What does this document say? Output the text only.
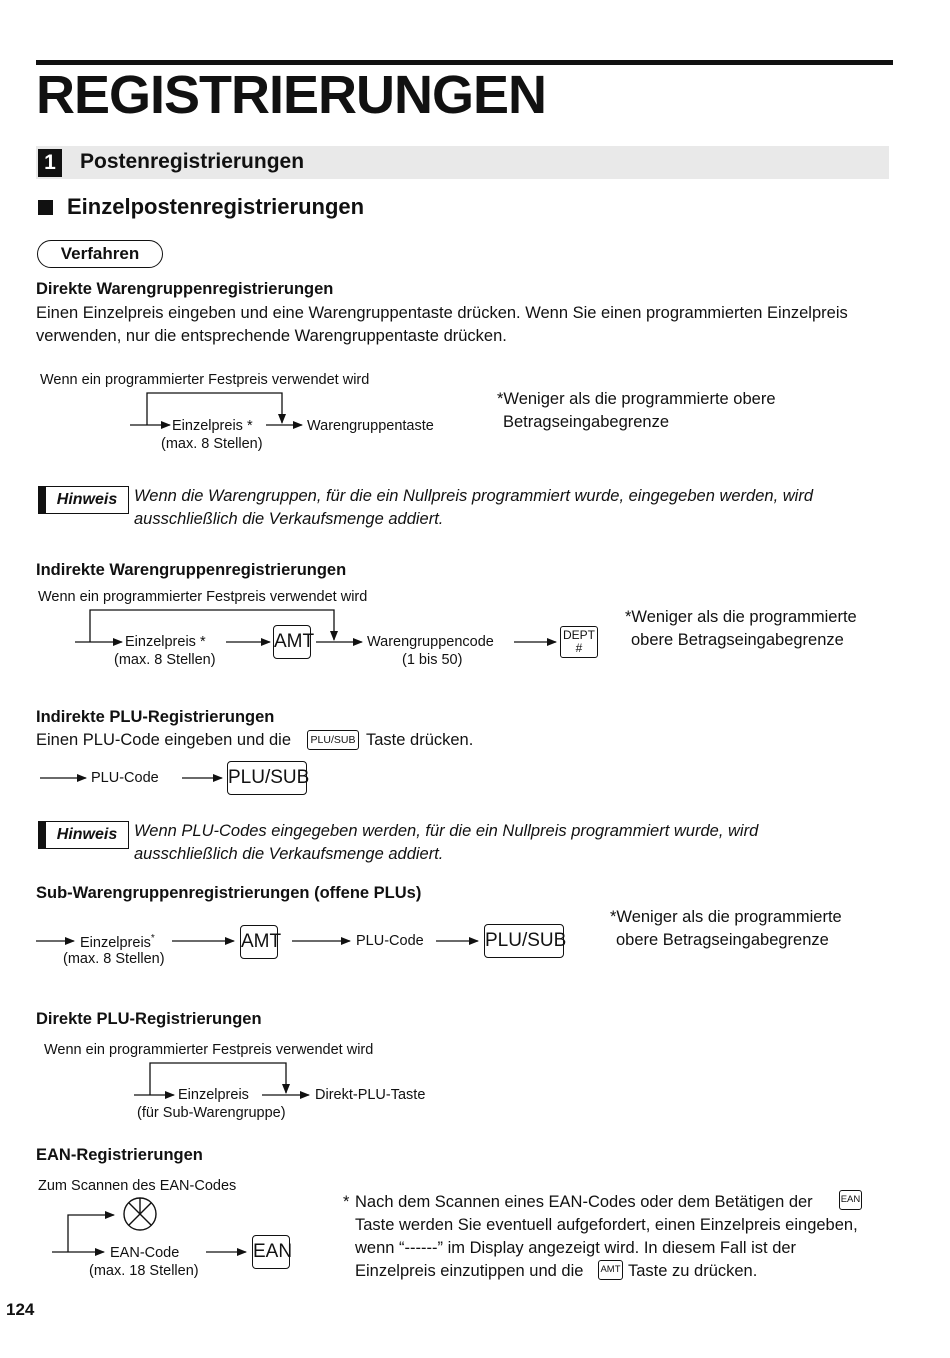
REGISTRIERUNGEN
1 Postenregistrierungen
Einzelpostenregistrierungen
Verfahren
Direkte Warengruppenregistrierungen
Einen Einzelpreis eingeben und eine Warengruppentaste drücken. Wenn Sie einen programmierten Einzelpreis
verwenden, nur die entsprechende Warengruppentaste drücken.
Wenn ein programmierter Festpreis verwendet wird
Einzelpreis *
(max. 8 Stellen)
Warengruppentaste
*Weniger als die programmierte obere
Betragseingabegrenze
Hinweis	Wenn die Warengruppen, für die ein Nullpreis programmiert wurde, eingegeben werden, wird
ausschließlich die Verkaufsmenge addiert.
Indirekte Warengruppenregistrierungen
Wenn ein programmierter Festpreis verwendet wird
Einzelpreis *
(max. 8 Stellen)
AMT	Warengruppencode
(1 bis 50)
DEPT
#
*Weniger als die programmierte
obere Betragseingabegrenze
Indirekte PLU-Registrierungen
Einen PLU-Code eingeben und die	PLU/SUB Taste drücken.
PLU-Code	PLU/SUB
Hinweis	Wenn PLU-Codes eingegeben werden, für die ein Nullpreis programmiert wurde, wird
ausschließlich die Verkaufsmenge addiert.
Sub-Warengruppenregistrierungen (offene PLUs)
Einzelpreis*
(max. 8 Stellen)
AMT	PLU-Code	PLU/SUB
*Weniger als die programmierte
obere Betragseingabegrenze
Direkte PLU-Registrierungen
Wenn ein programmierter Festpreis verwendet wird
Einzelpreis
(für Sub-Warengruppe)
Direkt-PLU-Taste
EAN-Registrierungen
Zum Scannen des EAN-Codes
EAN-Code
(max. 18 Stellen)
EAN
* Nach dem Scannen eines EAN-Codes oder dem Betätigen der	EAN
Taste werden Sie eventuell aufgefordert, einen Einzelpreis eingeben,
wenn “------” im Display angezeigt wird. In diesem Fall ist der
Einzelpreis einzutippen und die AMT Taste zu drücken.
124
